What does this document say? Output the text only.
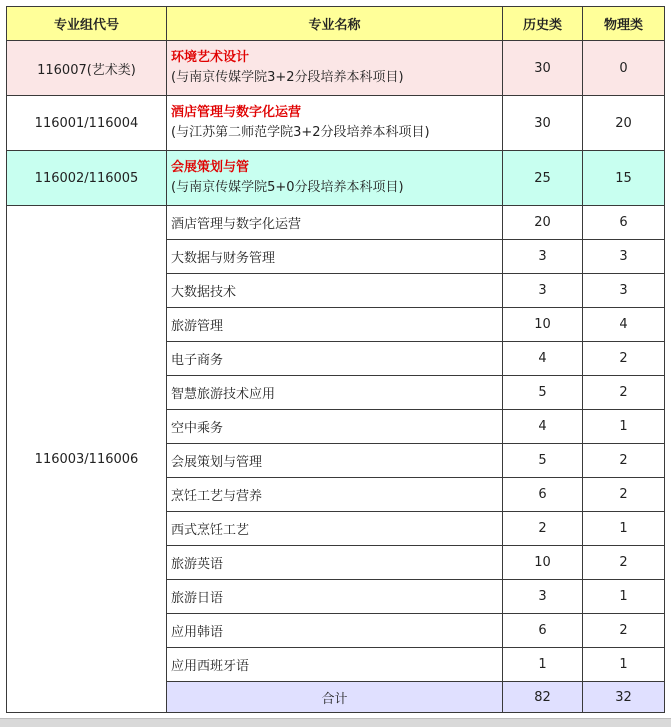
专业组代号	专业名称	历史类	物理类
116007(艺术类)	环境艺术设计
(与南京传媒学院3+2分段培养本科项目)	30	0
116001/116004	酒店管理与数字化运营
(与江苏第二师范学院3+2分段培养本科项目)	30	20
116002/116005	会展策划与管
(与南京传媒学院5+0分段培养本科项目)	25	15
116003/116006	酒店管理与数字化运营	20	6
	大数据与财务管理	3	3
	大数据技术	3	3
	旅游管理	10	4
	电子商务	4	2
	智慧旅游技术应用	5	2
	空中乘务	4	1
	会展策划与管理	5	2
	烹饪工艺与营养	6	2
	西式烹饪工艺	2	1
	旅游英语	10	2
	旅游日语	3	1
	应用韩语	6	2
	应用西班牙语	1	1
	合计	82	32
